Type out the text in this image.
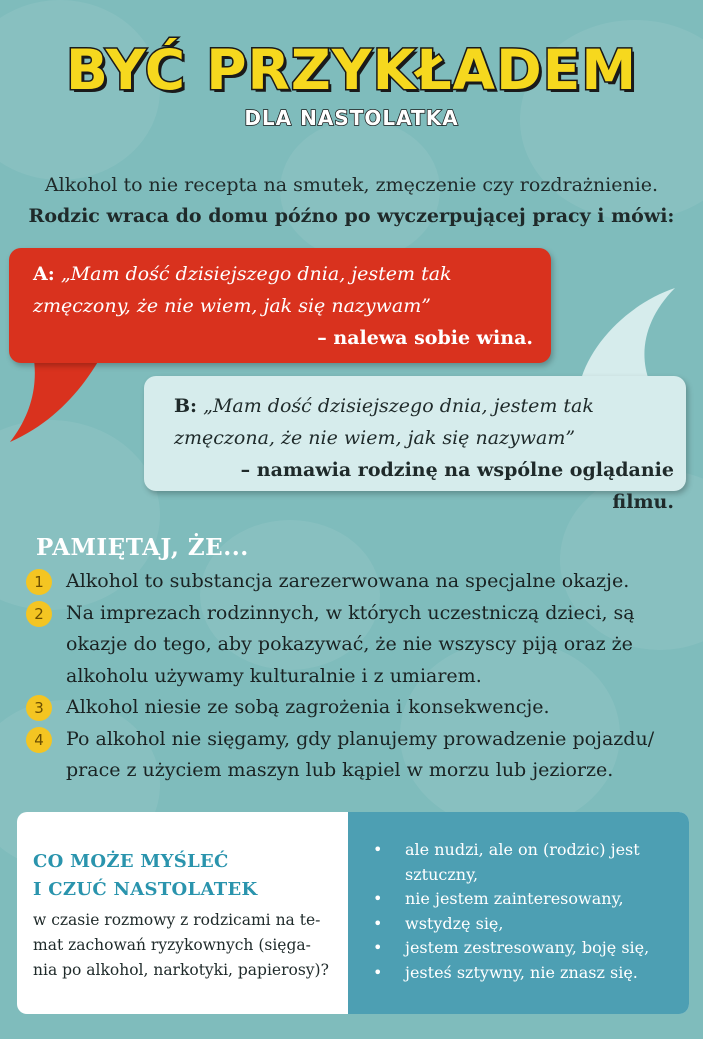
BYĆ PRZYKŁADEM
DLA NASTOLATKA
Alkohol to nie recepta na smutek, zmęczenie czy rozdrażnienie.
Rodzic wraca do domu późno po wyczerpującej pracy i mówi:
A: „Mam dość dzisiejszego dnia, jestem tak
zmęczony, że nie wiem, jak się nazywam”
– nalewa sobie wina.
B: „Mam dość dzisiejszego dnia, jestem tak
zmęczona, że nie wiem, jak się nazywam”
– namawia rodzinę na wspólne oglądanie filmu.
PAMIĘTAJ, ŻE...
1	Alkohol to substancja zarezerwowana na specjalne okazje.
2	Na imprezach rodzinnych, w których uczestniczą dzieci, są
okazje do tego, aby pokazywać, że nie wszyscy piją oraz że
alkoholu używamy kulturalnie i z umiarem.
3	Alkohol niesie ze sobą zagrożenia i konsekwencje.
4	Po alkohol nie sięgamy, gdy planujemy prowadzenie pojazdu/
prace z użyciem maszyn lub kąpiel w morzu lub jeziorze.
CO MOŻE MYŚLEĆ
I CZUĆ NASTOLATEK
w czasie rozmowy z rodzicami na te-
mat zachowań ryzykownych (sięga-
nia po alkohol, narkotyki, papierosy)?
• ale nudzi, ale on (rodzic) jest
sztuczny,
• nie jestem zainteresowany,
• wstydzę się,
• jestem zestresowany, boję się,
• jesteś sztywny, nie znasz się.
